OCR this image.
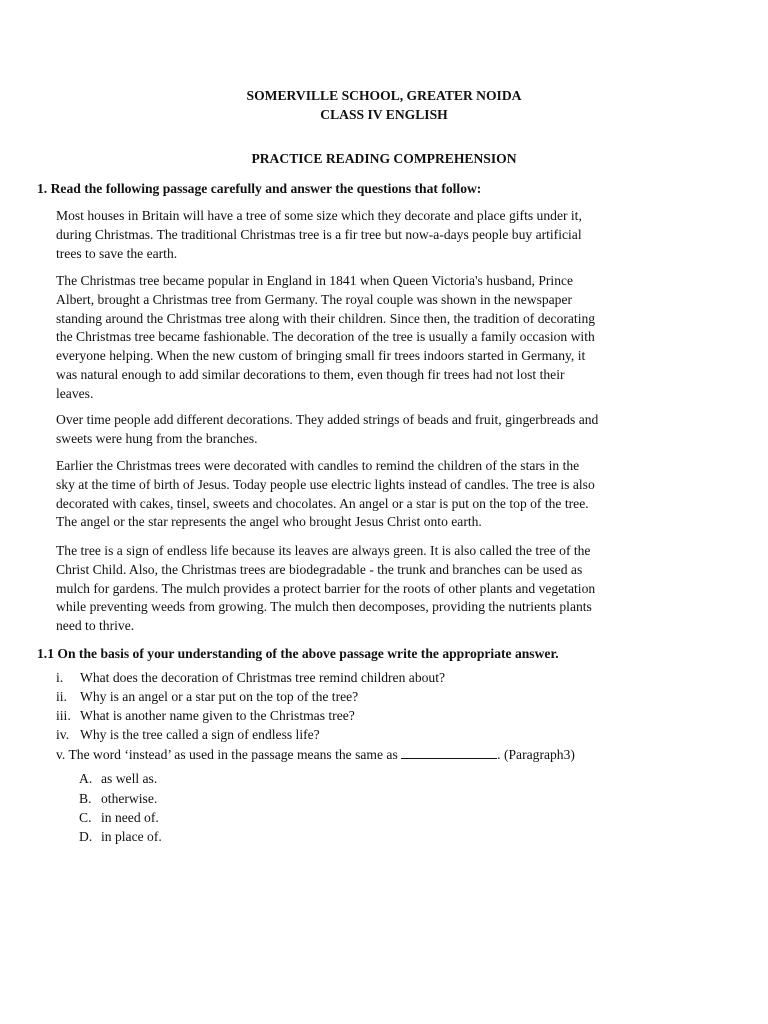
SOMERVILLE SCHOOL, GREATER NOIDA
CLASS IV ENGLISH
PRACTICE READING COMPREHENSION
1. Read the following passage carefully and answer the questions that follow:
Most houses in Britain will have a tree of some size which they decorate and place gifts under it,
during Christmas. The traditional Christmas tree is a fir tree but now-a-days people buy artificial
trees to save the earth.
The Christmas tree became popular in England in 1841 when Queen Victoria's husband, Prince
Albert, brought a Christmas tree from Germany. The royal couple was shown in the newspaper
standing around the Christmas tree along with their children. Since then, the tradition of decorating
the Christmas tree became fashionable. The decoration of the tree is usually a family occasion with
everyone helping. When the new custom of bringing small fir trees indoors started in Germany, it
was natural enough to add similar decorations to them, even though fir trees had not lost their
leaves.
Over time people add different decorations. They added strings of beads and fruit, gingerbreads and
sweets were hung from the branches.
Earlier the Christmas trees were decorated with candles to remind the children of the stars in the
sky at the time of birth of Jesus. Today people use electric lights instead of candles. The tree is also
decorated with cakes, tinsel, sweets and chocolates. An angel or a star is put on the top of the tree.
The angel or the star represents the angel who brought Jesus Christ onto earth.
The tree is a sign of endless life because its leaves are always green. It is also called the tree of the
Christ Child. Also, the Christmas trees are biodegradable - the trunk and branches can be used as
mulch for gardens. The mulch provides a protect barrier for the roots of other plants and vegetation
while preventing weeds from growing. The mulch then decomposes, providing the nutrients plants
need to thrive.
1.1 On the basis of your understanding of the above passage write the appropriate answer.
i. What does the decoration of Christmas tree remind children about?
ii. Why is an angel or a star put on the top of the tree?
iii. What is another name given to the Christmas tree?
iv. Why is the tree called a sign of endless life?
v. The word ‘instead’ as used in the passage means the same as	. (Paragraph3)
A. as well as.
B. otherwise.
C. in need of.
D. in place of.
